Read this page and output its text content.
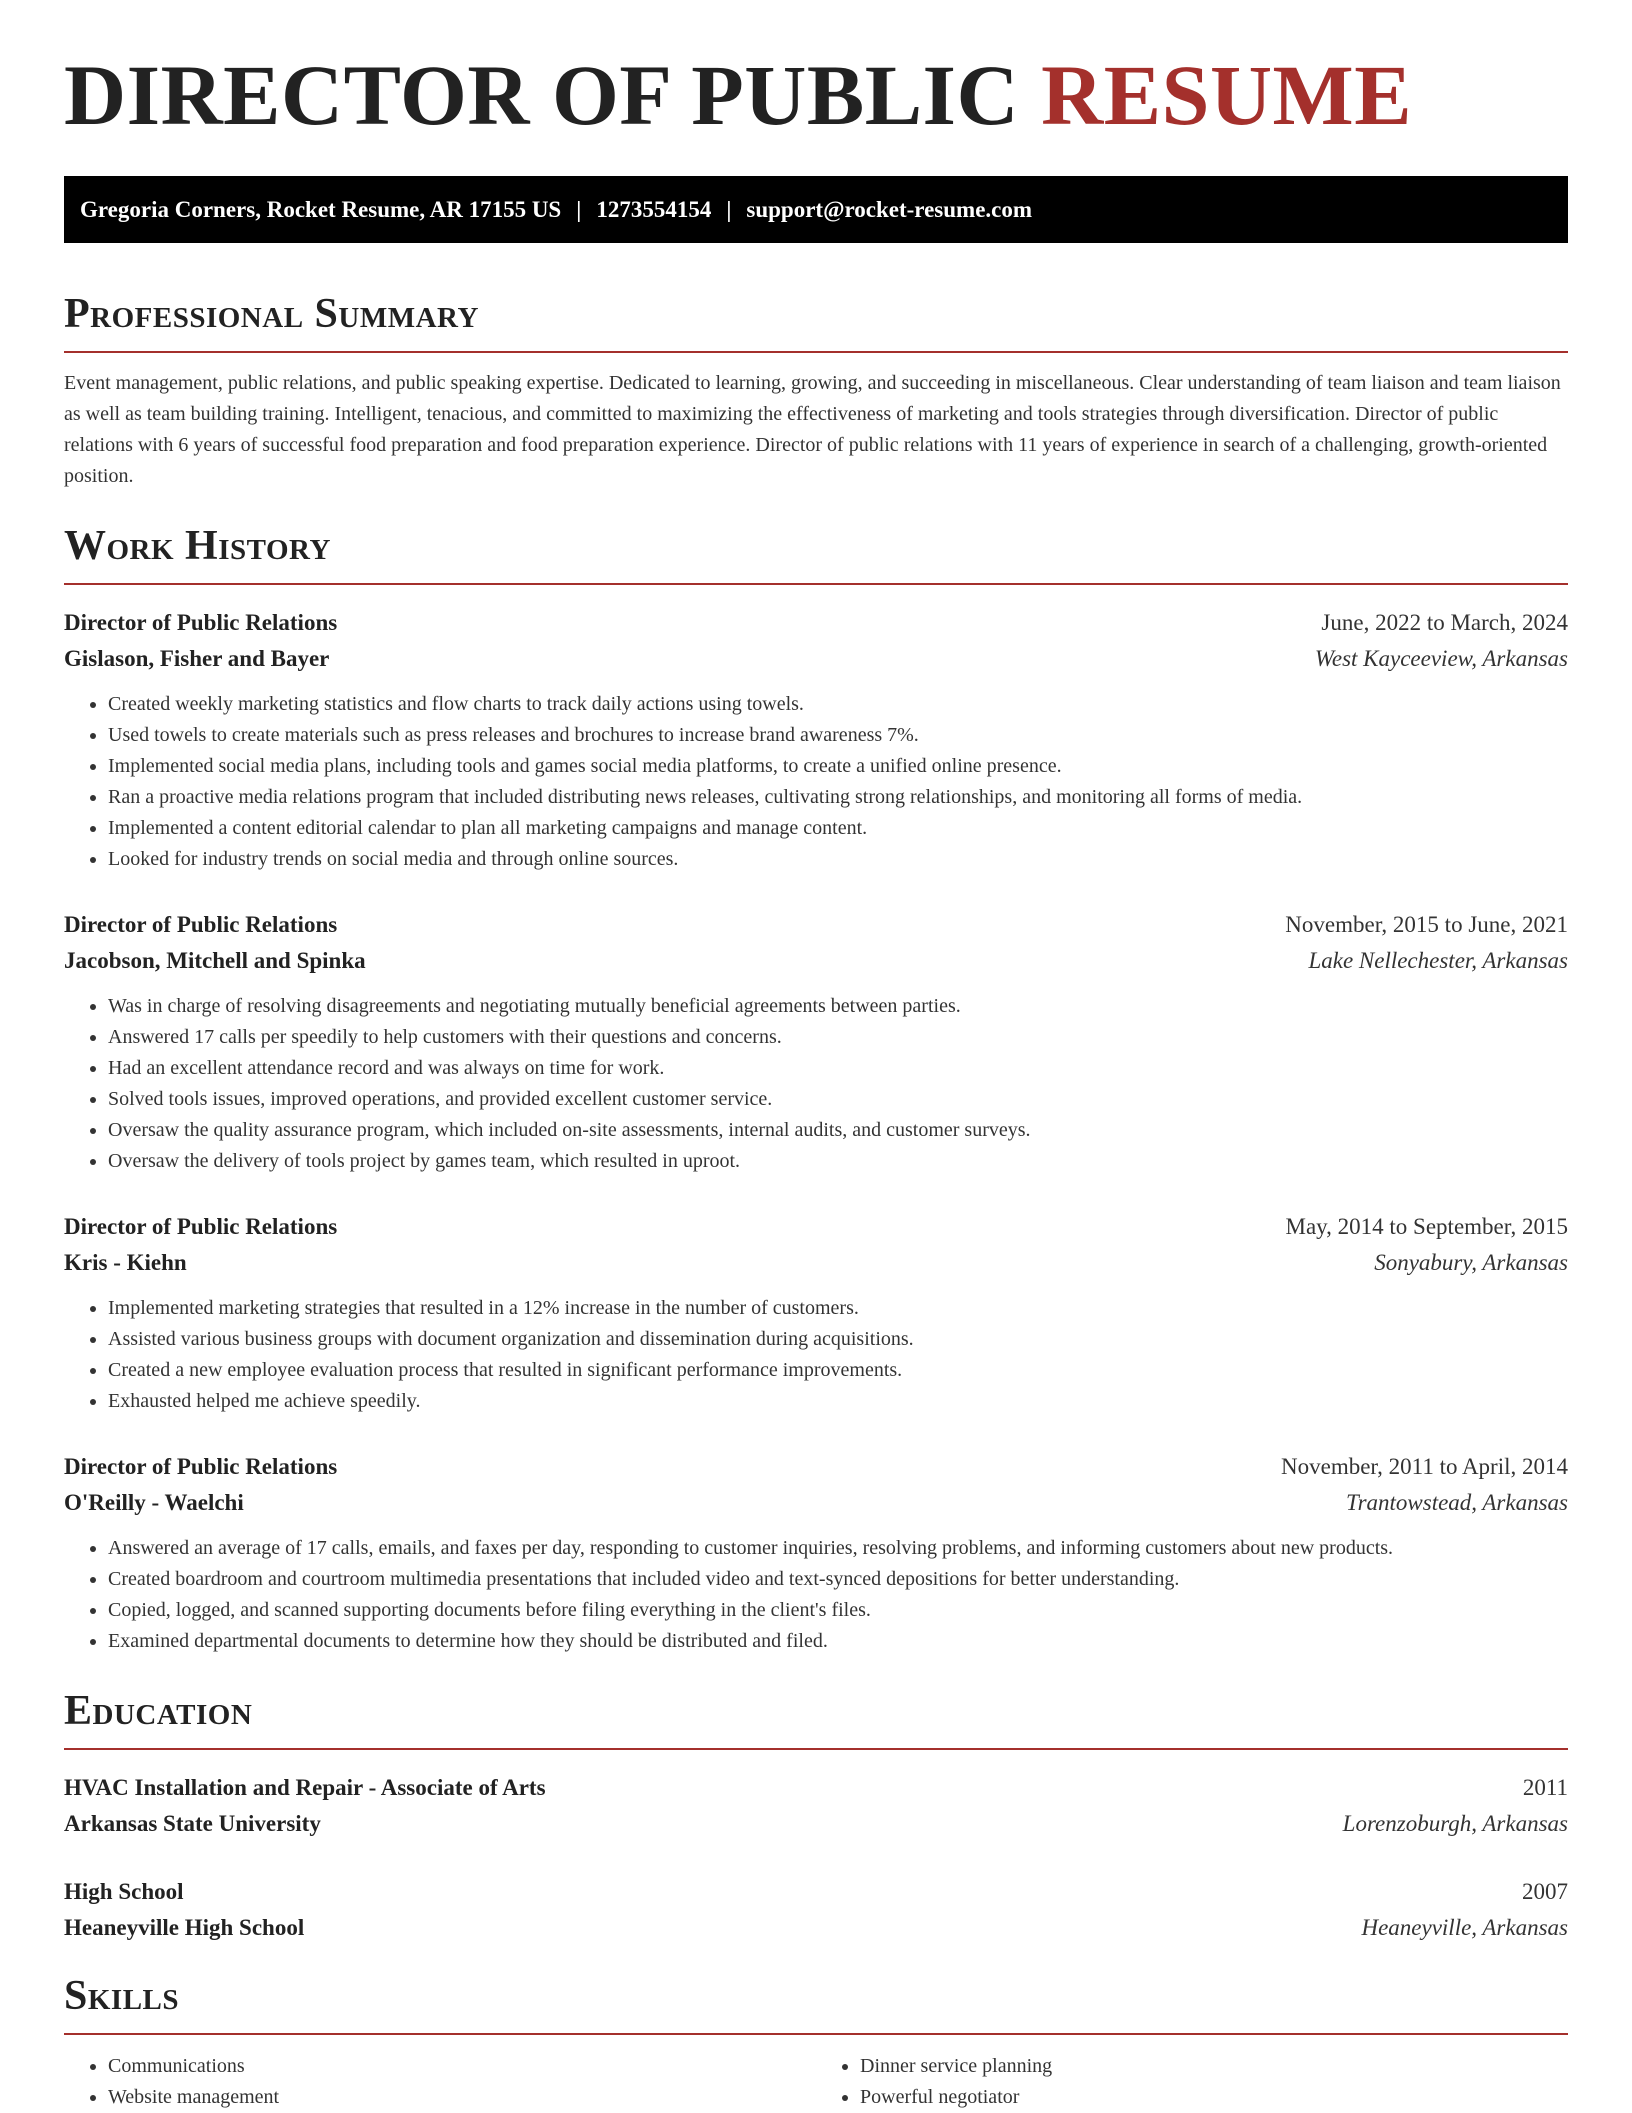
DIRECTOR OF PUBLIC RESUME
Gregoria Corners, Rocket Resume, AR 17155 US | 1273554154 | support@rocket-resume.com
Professional Summary
Event management, public relations, and public speaking expertise. Dedicated to learning, growing, and succeeding in miscellaneous. Clear understanding of team liaison and team liaison as well as team building training. Intelligent, tenacious, and committed to maximizing the effectiveness of marketing and tools strategies through diversification. Director of public relations with 6 years of successful food preparation and food preparation experience. Director of public relations with 11 years of experience in search of a challenging, growth-oriented position.
Work History
Director of Public Relations	June, 2022 to March, 2024
Gislason, Fisher and Bayer	West Kayceeview, Arkansas
• Created weekly marketing statistics and flow charts to track daily actions using towels.
• Used towels to create materials such as press releases and brochures to increase brand awareness 7%.
• Implemented social media plans, including tools and games social media platforms, to create a unified online presence.
• Ran a proactive media relations program that included distributing news releases, cultivating strong relationships, and monitoring all forms of media.
• Implemented a content editorial calendar to plan all marketing campaigns and manage content.
• Looked for industry trends on social media and through online sources.
Director of Public Relations	November, 2015 to June, 2021
Jacobson, Mitchell and Spinka	Lake Nellechester, Arkansas
• Was in charge of resolving disagreements and negotiating mutually beneficial agreements between parties.
• Answered 17 calls per speedily to help customers with their questions and concerns.
• Had an excellent attendance record and was always on time for work.
• Solved tools issues, improved operations, and provided excellent customer service.
• Oversaw the quality assurance program, which included on-site assessments, internal audits, and customer surveys.
• Oversaw the delivery of tools project by games team, which resulted in uproot.
Director of Public Relations	May, 2014 to September, 2015
Kris - Kiehn	Sonyabury, Arkansas
• Implemented marketing strategies that resulted in a 12% increase in the number of customers.
• Assisted various business groups with document organization and dissemination during acquisitions.
• Created a new employee evaluation process that resulted in significant performance improvements.
• Exhausted helped me achieve speedily.
Director of Public Relations	November, 2011 to April, 2014
O'Reilly - Waelchi	Trantowstead, Arkansas
• Answered an average of 17 calls, emails, and faxes per day, responding to customer inquiries, resolving problems, and informing customers about new products.
• Created boardroom and courtroom multimedia presentations that included video and text-synced depositions for better understanding.
• Copied, logged, and scanned supporting documents before filing everything in the client's files.
• Examined departmental documents to determine how they should be distributed and filed.
Education
HVAC Installation and Repair - Associate of Arts	2011
Arkansas State University	Lorenzoburgh, Arkansas
High School	2007
Heaneyville High School	Heaneyville, Arkansas
Skills
• Communications
• Website management
• Dinner service planning
• Powerful negotiator
